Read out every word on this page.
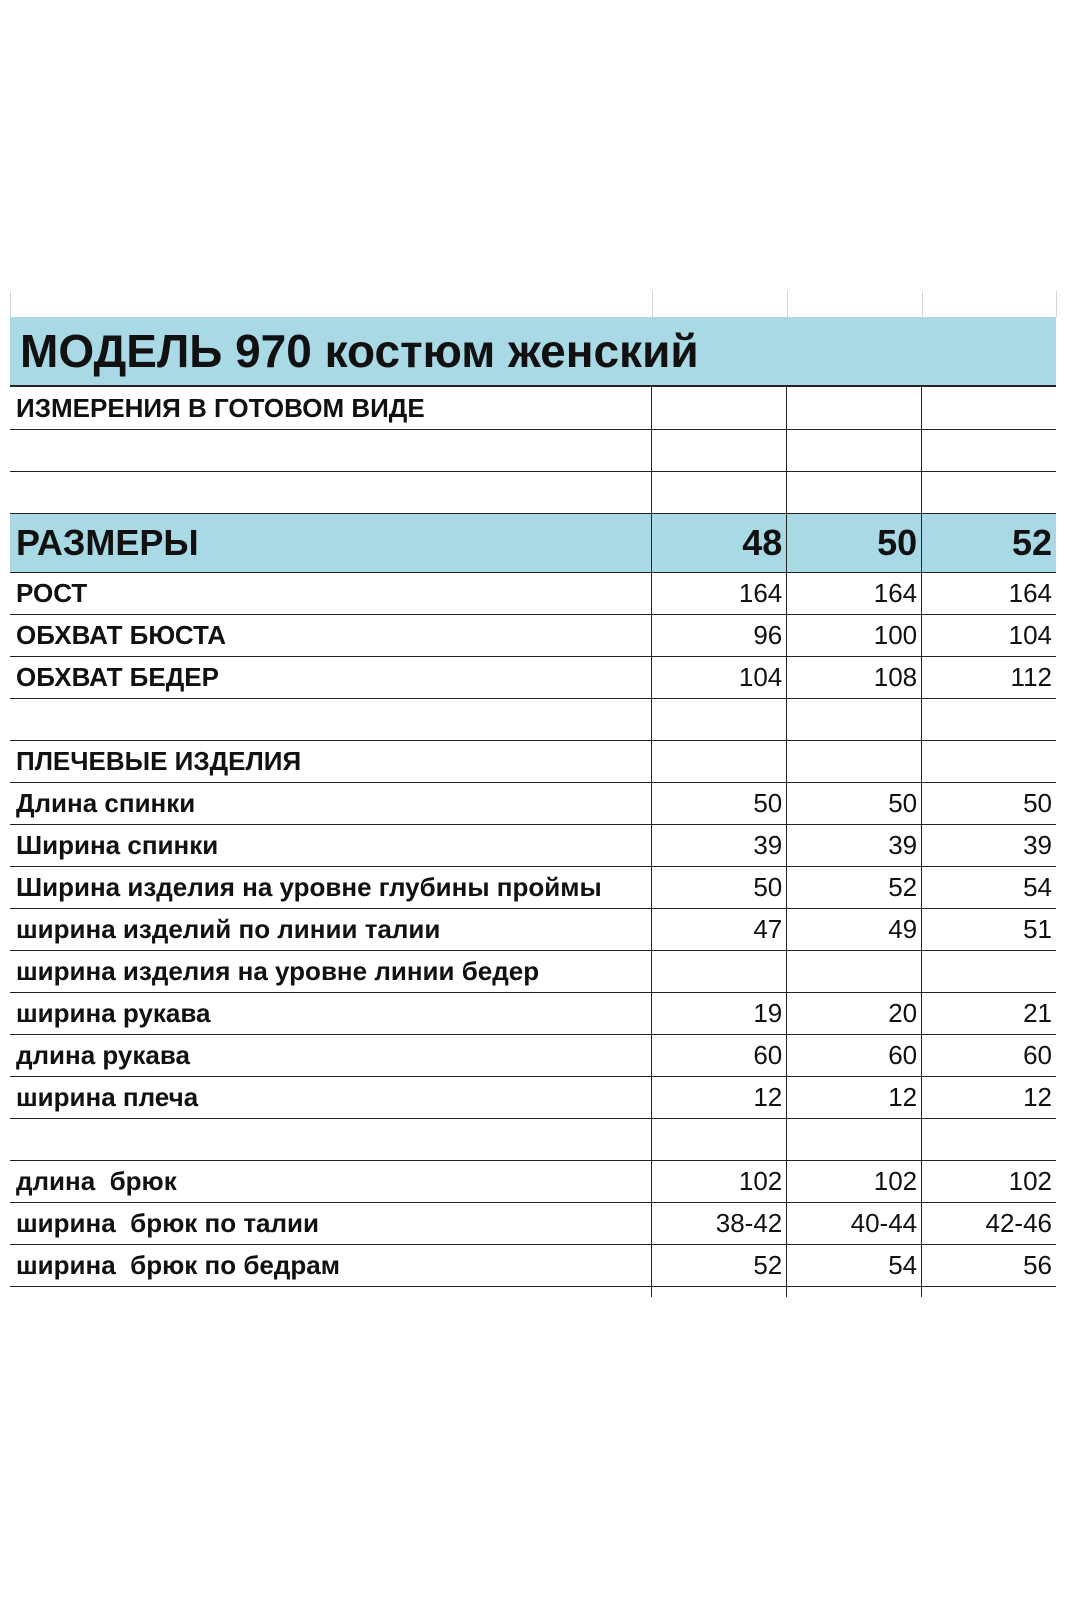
МОДЕЛЬ 970 костюм женский
ИЗМЕРЕНИЯ В ГОТОВОМ ВИДЕ
РАЗМЕРЫ	48	50	52
РОСТ	164	164	164
ОБХВАТ БЮСТА	96	100	104
ОБХВАТ БЕДЕР	104	108	112
ПЛЕЧЕВЫЕ ИЗДЕЛИЯ
Длина спинки	50	50	50
Ширина спинки	39	39	39
Ширина изделия на уровне глубины проймы	50	52	54
ширина изделий по линии талии	47	49	51
ширина изделия на уровне линии бедер
ширина рукава	19	20	21
длина рукава	60	60	60
ширина плеча	12	12	12
длина  брюк	102	102	102
ширина  брюк по талии	38-42	40-44	42-46
ширина  брюк по бедрам	52	54	56
